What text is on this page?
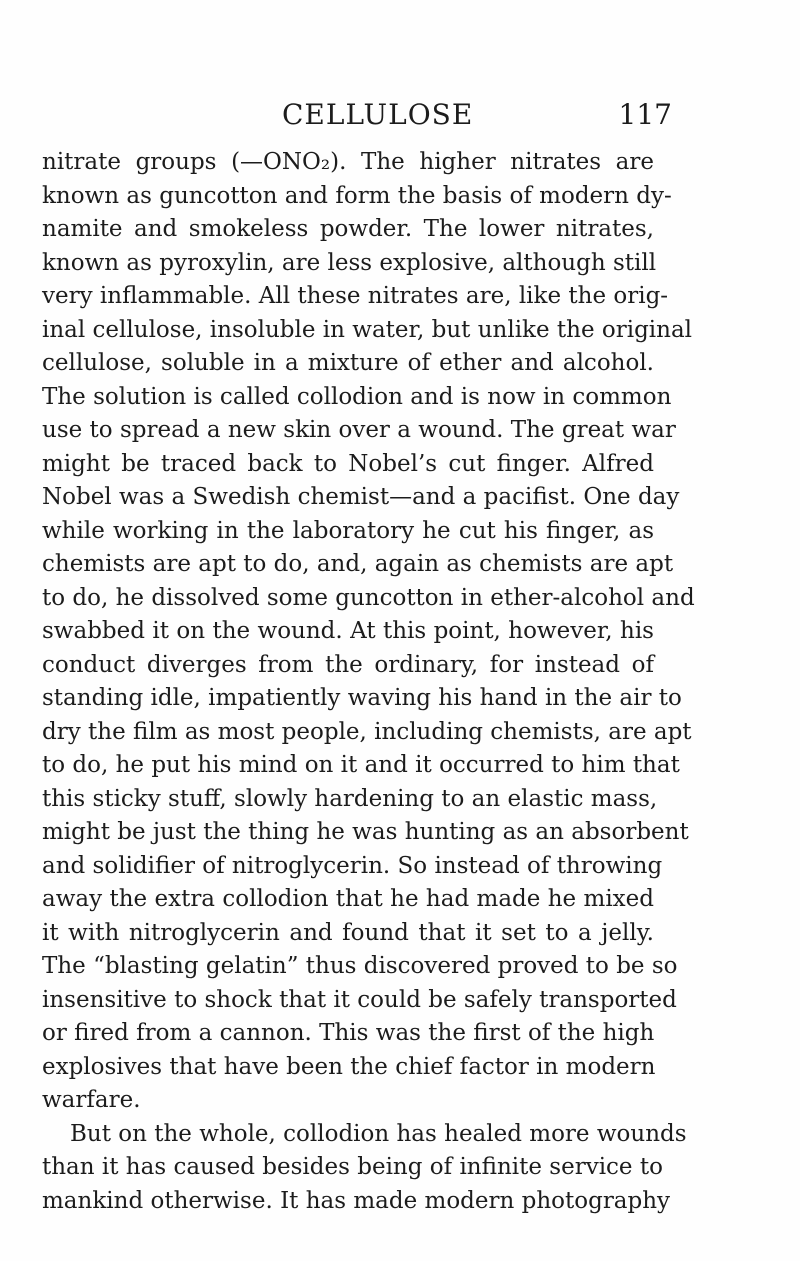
CELLULOSE	117
nitrate groups (—ONO₂). The higher nitrates are
known as guncotton and form the basis of modern dy-
namite and smokeless powder. The lower nitrates,
known as pyroxylin, are less explosive, although still
very inflammable. All these nitrates are, like the orig-
inal cellulose, insoluble in water, but unlike the original
cellulose, soluble in a mixture of ether and alcohol.
The solution is called collodion and is now in common
use to spread a new skin over a wound. The great war
might be traced back to Nobel’s cut finger. Alfred
Nobel was a Swedish chemist—and a pacifist. One day
while working in the laboratory he cut his finger, as
chemists are apt to do, and, again as chemists are apt
to do, he dissolved some guncotton in ether-alcohol and
swabbed it on the wound. At this point, however, his
conduct diverges from the ordinary, for instead of
standing idle, impatiently waving his hand in the air to
dry the film as most people, including chemists, are apt
to do, he put his mind on it and it occurred to him that
this sticky stuff, slowly hardening to an elastic mass,
might be just the thing he was hunting as an absorbent
and solidifier of nitroglycerin. So instead of throwing
away the extra collodion that he had made he mixed
it with nitroglycerin and found that it set to a jelly.
The “blasting gelatin” thus discovered proved to be so
insensitive to shock that it could be safely transported
or fired from a cannon. This was the first of the high
explosives that have been the chief factor in modern
warfare.
But on the whole, collodion has healed more wounds
than it has caused besides being of infinite service to
mankind otherwise. It has made modern photography
